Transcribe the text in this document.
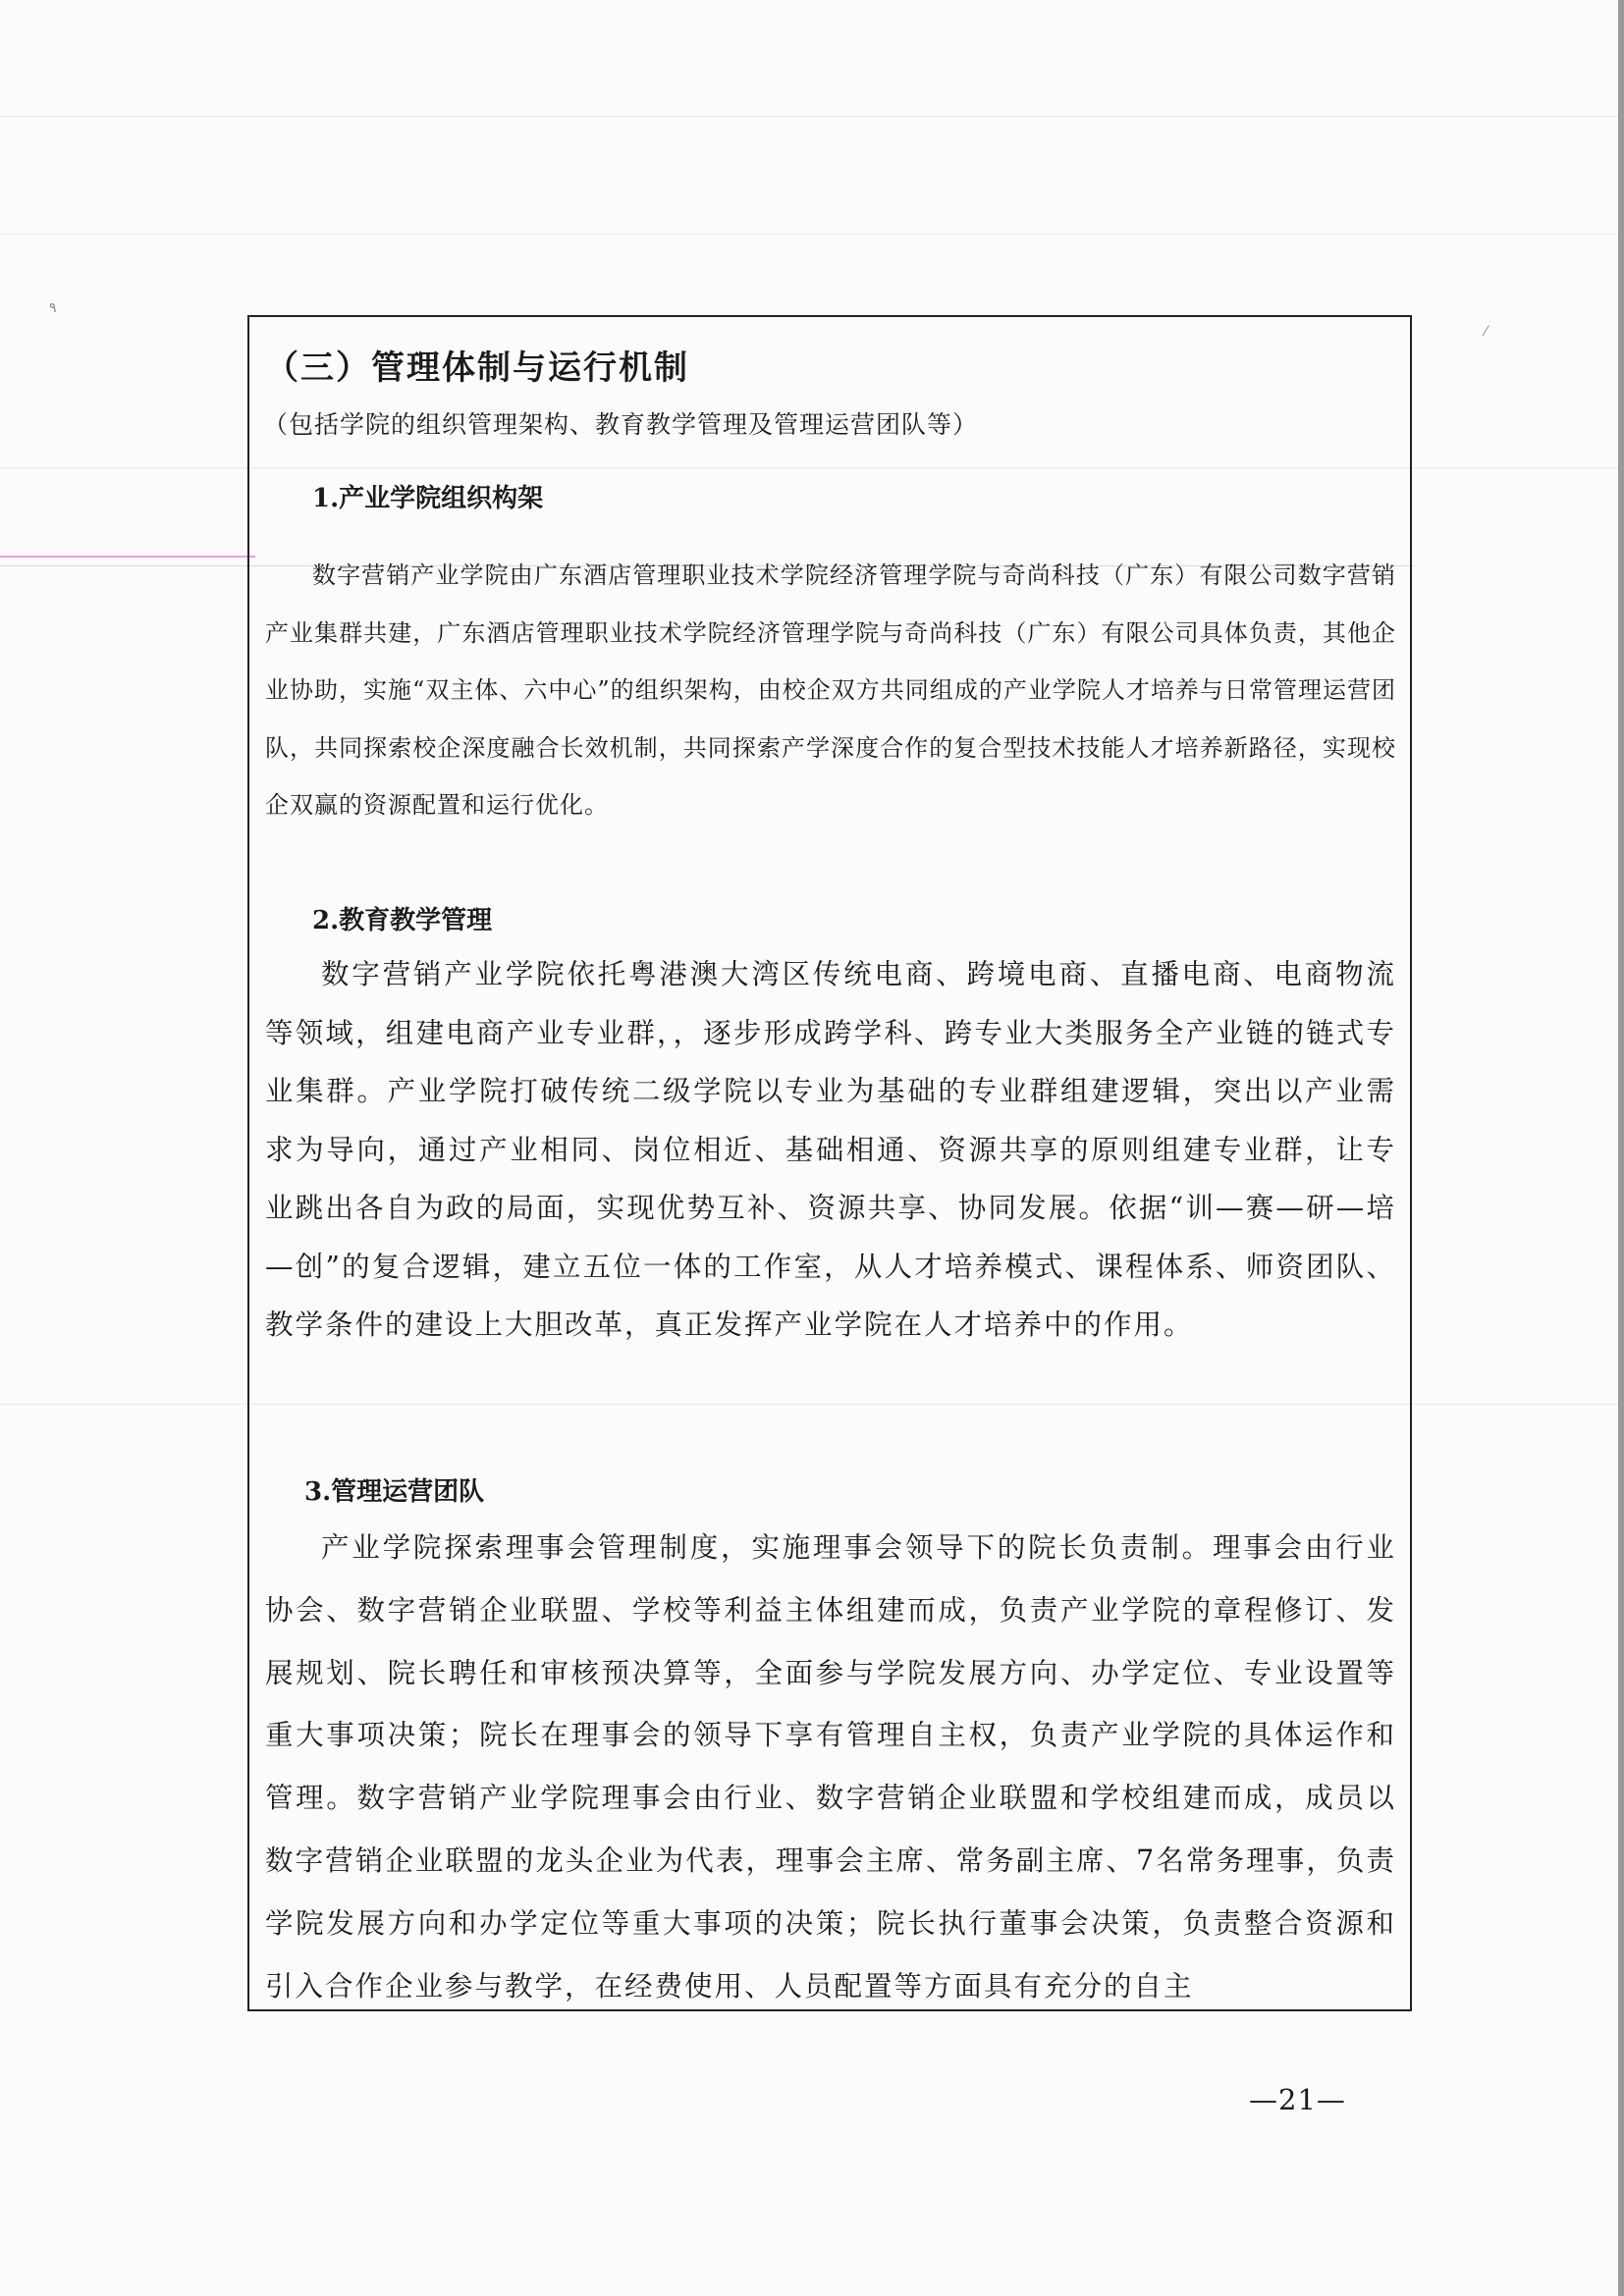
٩
⁄
（三）管理体制与运行机制
（包括学院的组织管理架构、教育教学管理及管理运营团队等）
1.产业学院组织构架

数字营销产业学院由广东酒店管理职业技术学院经济管理学院与奇尚科技（广东）有限公司数字营销产业集群共建，广东酒店管理职业技术学院经济管理学院与奇尚科技（广东）有限公司具体负责，其他企业协助，实施“双主体、六中心”的组织架构，由校企双方共同组成的产业学院人才培养与日常管理运营团队，共同探索校企深度融合长效机制，共同探索产学深度合作的复合型技术技能人才培养新路径，实现校企双赢的资源配置和运行优化。

2.教育教学管理

数字营销产业学院依托粤港澳大湾区传统电商、跨境电商、直播电商、电商物流等领域，组建电商产业专业群，，逐步形成跨学科、跨专业大类服务全产业链的链式专业集群。产业学院打破传统二级学院以专业为基础的专业群组建逻辑，突出以产业需求为导向，通过产业相同、岗位相近、基础相通、资源共享的原则组建专业群，让专业跳出各自为政的局面，实现优势互补、资源共享、协同发展。依据“训—赛—研—培—创”的复合逻辑，建立五位一体的工作室，从人才培养模式、课程体系、师资团队、教学条件的建设上大胆改革，真正发挥产业学院在人才培养中的作用。

3.管理运营团队

产业学院探索理事会管理制度，实施理事会领导下的院长负责制。理事会由行业协会、数字营销企业联盟、学校等利益主体组建而成，负责产业学院的章程修订、发展规划、院长聘任和审核预决算等，全面参与学院发展方向、办学定位、专业设置等重大事项决策；院长在理事会的领导下享有管理自主权，负责产业学院的具体运作和管理。数字营销产业学院理事会由行业、数字营销企业联盟和学校组建而成，成员以数字营销企业联盟的龙头企业为代表，理事会主席、常务副主席、7名常务理事，负责学院发展方向和办学定位等重大事项的决策；院长执行董事会决策，负责整合资源和引入合作企业参与教学，在经费使用、人员配置等方面具有充分的自主

—21—
